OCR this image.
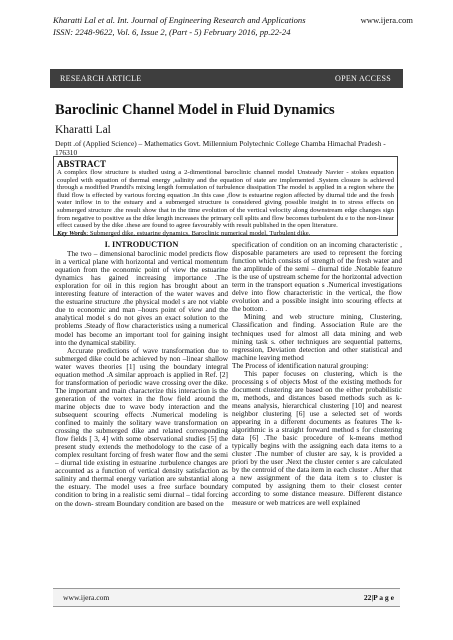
Kharatti Lal et al. Int. Journal of Engineering Research and Applications
ISSN: 2248-9622, Vol. 6, Issue 2, (Part - 5) February 2016, pp.22-24
www.ijera.com
RESEARCH ARTICLE	OPEN ACCESS
Baroclinic Channel Model in Fluid Dynamics
Kharatti Lal
Deptt .of (Applied Science) – Mathematics Govt. Millennium Polytechnic College Chamba Himachal Pradesh - 176310
ABSTRACT
A complex flow structure is studied using a 2-dimentional baroclinic channel model Unsteady Navier - stokes equation coupled with equation of thermal energy ,salinity and the equation of state are implemented .System closure is achieved through a modified Prandtl's mixing length formulation of turbulence dissipation The model is applied in a region where the fluid flow is effected by various forcing equation .In this case ,flow is estuarine region affected by diurnal tide and the fresh water inflow in to the estuary and a submerged structure is considered giving possible insight in to stress effects on submerged structure .the result show that in the time evolution of the vertical velocity along downstream edge changes sign from negative to positive as the dike length increases the primary cell splits and flow becomes turbulent du e to the non-linear effect caused by the dike .these are found to agree favourably with result published in the open literature.
Key Words: Submerged dike, estuarine dynamics, Baroclinic numerical model, Turbulent dike.
I. INTRODUCTION

The two – dimensional baroclinic model predicts flow in a vertical plane with horizontal and vertical momentum equation from the economic point of view the estuarine dynamics has gained increasing importance .The exploration for oil in this region has brought about an interesting feature of interaction of the water waves and the estuarine structure .the physical model s are not viable due to economic and man –hours point of view and the analytical model s do not gives an exact solution to the problems .Steady of flow characteristics using a numerical model has become an important tool for gaining insight into the dynamical stability.

Accurate predictions of wave transformation due to submerged dike could be achieved by non –linear shallow water waves theories [1] using the boundary integral equation method .A similar approach is applied in Ref. [2] for transformation of periodic wave crossing over the dike. The important and main characterize this interaction is the generation of the vortex in the flow field around the marine objects due to wave body interaction and the subsequent scouring effects .Numerical modeling is confined to mainly the solitary wave transformation on crossing the submerged dike and related corresponding flow fields [ 3, 4] with some observational studies [5] the present study extends the methodology to the case of a complex resultant forcing of fresh water flow and the semi – diurnal tide existing in estuarine .turbulence changes are accounted as a function of vertical density satisfaction as salinity and thermal energy variation are substantial along the estuary. The model uses a free surface boundary condition to bring in a realistic semi diurnal – tidal forcing on the down- stream Boundary condition are based on the

specification of condition on an incoming characteristic , disposable parameters are used to represent the forcing function which consists of strength of the fresh water and the amplitude of the semi – diurnal tide .Notable feature is the use of upstream scheme for the horizontal advection term in the transport equation s .Numerical investigations delve into flow characteristic in the vertical, the flow evolution and a possible insight into scouring effects at the bottom .

Mining and web structure mining, Clustering, Classification and finding. Association Rule are the techniques used for almost all data mining and web mining task s. other techniques are sequential patterns, regression, Deviation detection and other statistical and machine leaving method

The Process of identification natural grouping:

This paper focuses on clustering, which is the processing s of objects Most of the existing methods for document clustering are based on the either probabilistic m, methods, and distances based methods such as k-means analysis, hierarchical clustering [10] and nearest neighbor clustering [6] use a selected set of words appearing in a different documents as features The k- algorithmic is a straight forward method s for clustering data [6] .The basic procedure of k-means method typically begins with the assigning each data items to a cluster .The number of cluster are say, k is provided a priori by the user .Next the cluster center s are calculated by the centroid of the data item in each cluster . After that a new assignment of the data item s to cluster is computed by assigning them to their closest center according to some distance measure. Different distance measure or web matrices are well explained

www.ijera.com	22|P a g e
